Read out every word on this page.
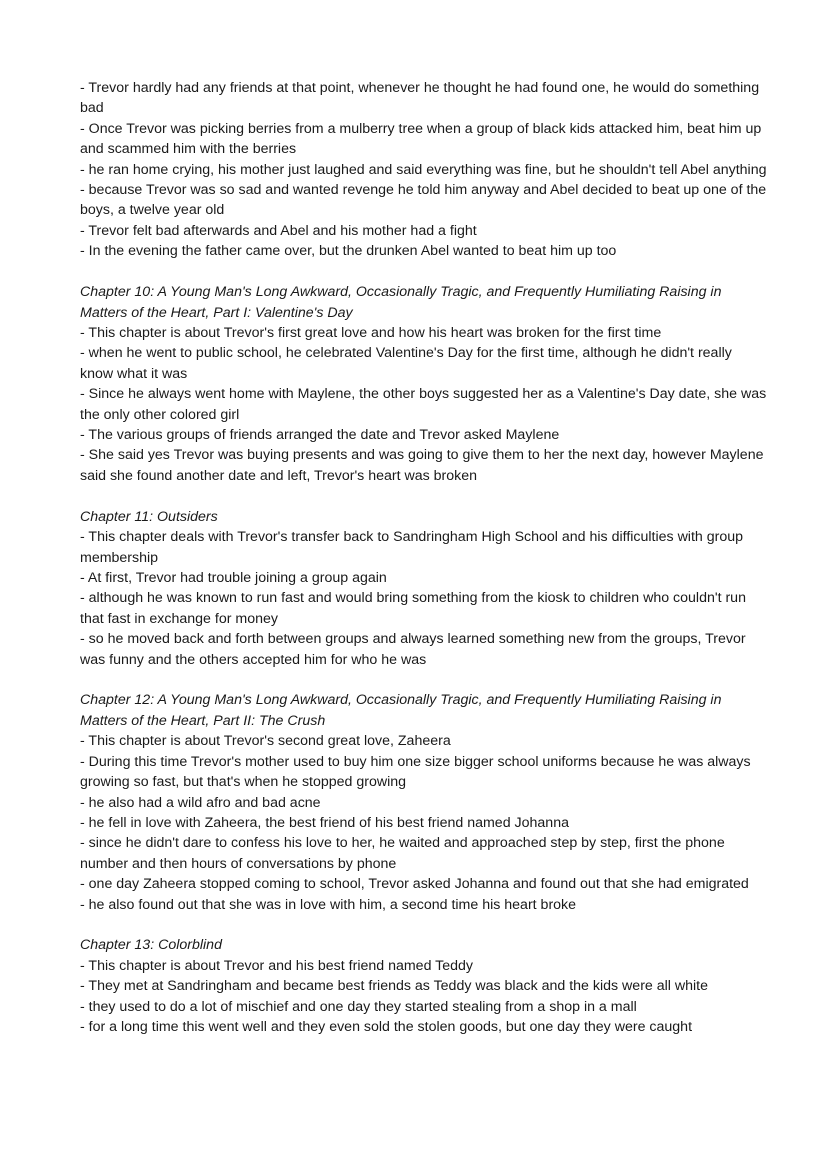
- Trevor hardly had any friends at that point, whenever he thought he had found one, he would do something bad

- Once Trevor was picking berries from a mulberry tree when a group of black kids attacked him, beat him up and scammed him with the berries

- he ran home crying, his mother just laughed and said everything was fine, but he shouldn't tell Abel anything

- because Trevor was so sad and wanted revenge he told him anyway and Abel decided to beat up one of the boys, a twelve year old

- Trevor felt bad afterwards and Abel and his mother had a fight

- In the evening the father came over, but the drunken Abel wanted to beat him up too

Chapter 10: A Young Man's Long Awkward, Occasionally Tragic, and Frequently Humiliating Raising in Matters of the Heart, Part I: Valentine's Day

- This chapter is about Trevor's first great love and how his heart was broken for the first time

- when he went to public school, he celebrated Valentine's Day for the first time, although he didn't really know what it was

- Since he always went home with Maylene, the other boys suggested her as a Valentine's Day date, she was the only other colored girl

- The various groups of friends arranged the date and Trevor asked Maylene

- She said yes Trevor was buying presents and was going to give them to her the next day, however Maylene said she found another date and left, Trevor's heart was broken

Chapter 11: Outsiders

- This chapter deals with Trevor's transfer back to Sandringham High School and his difficulties with group membership

- At first, Trevor had trouble joining a group again

- although he was known to run fast and would bring something from the kiosk to children who couldn't run that fast in exchange for money

- so he moved back and forth between groups and always learned something new from the groups, Trevor was funny and the others accepted him for who he was

Chapter 12: A Young Man's Long Awkward, Occasionally Tragic, and Frequently Humiliating Raising in Matters of the Heart, Part II: The Crush

- This chapter is about Trevor's second great love, Zaheera

- During this time Trevor's mother used to buy him one size bigger school uniforms because he was always growing so fast, but that's when he stopped growing

- he also had a wild afro and bad acne

- he fell in love with Zaheera, the best friend of his best friend named Johanna

- since he didn't dare to confess his love to her, he waited and approached step by step, first the phone number and then hours of conversations by phone

- one day Zaheera stopped coming to school, Trevor asked Johanna and found out that she had emigrated

- he also found out that she was in love with him, a second time his heart broke

Chapter 13: Colorblind

- This chapter is about Trevor and his best friend named Teddy

- They met at Sandringham and became best friends as Teddy was black and the kids were all white

- they used to do a lot of mischief and one day they started stealing from a shop in a mall

- for a long time this went well and they even sold the stolen goods, but one day they were caught
